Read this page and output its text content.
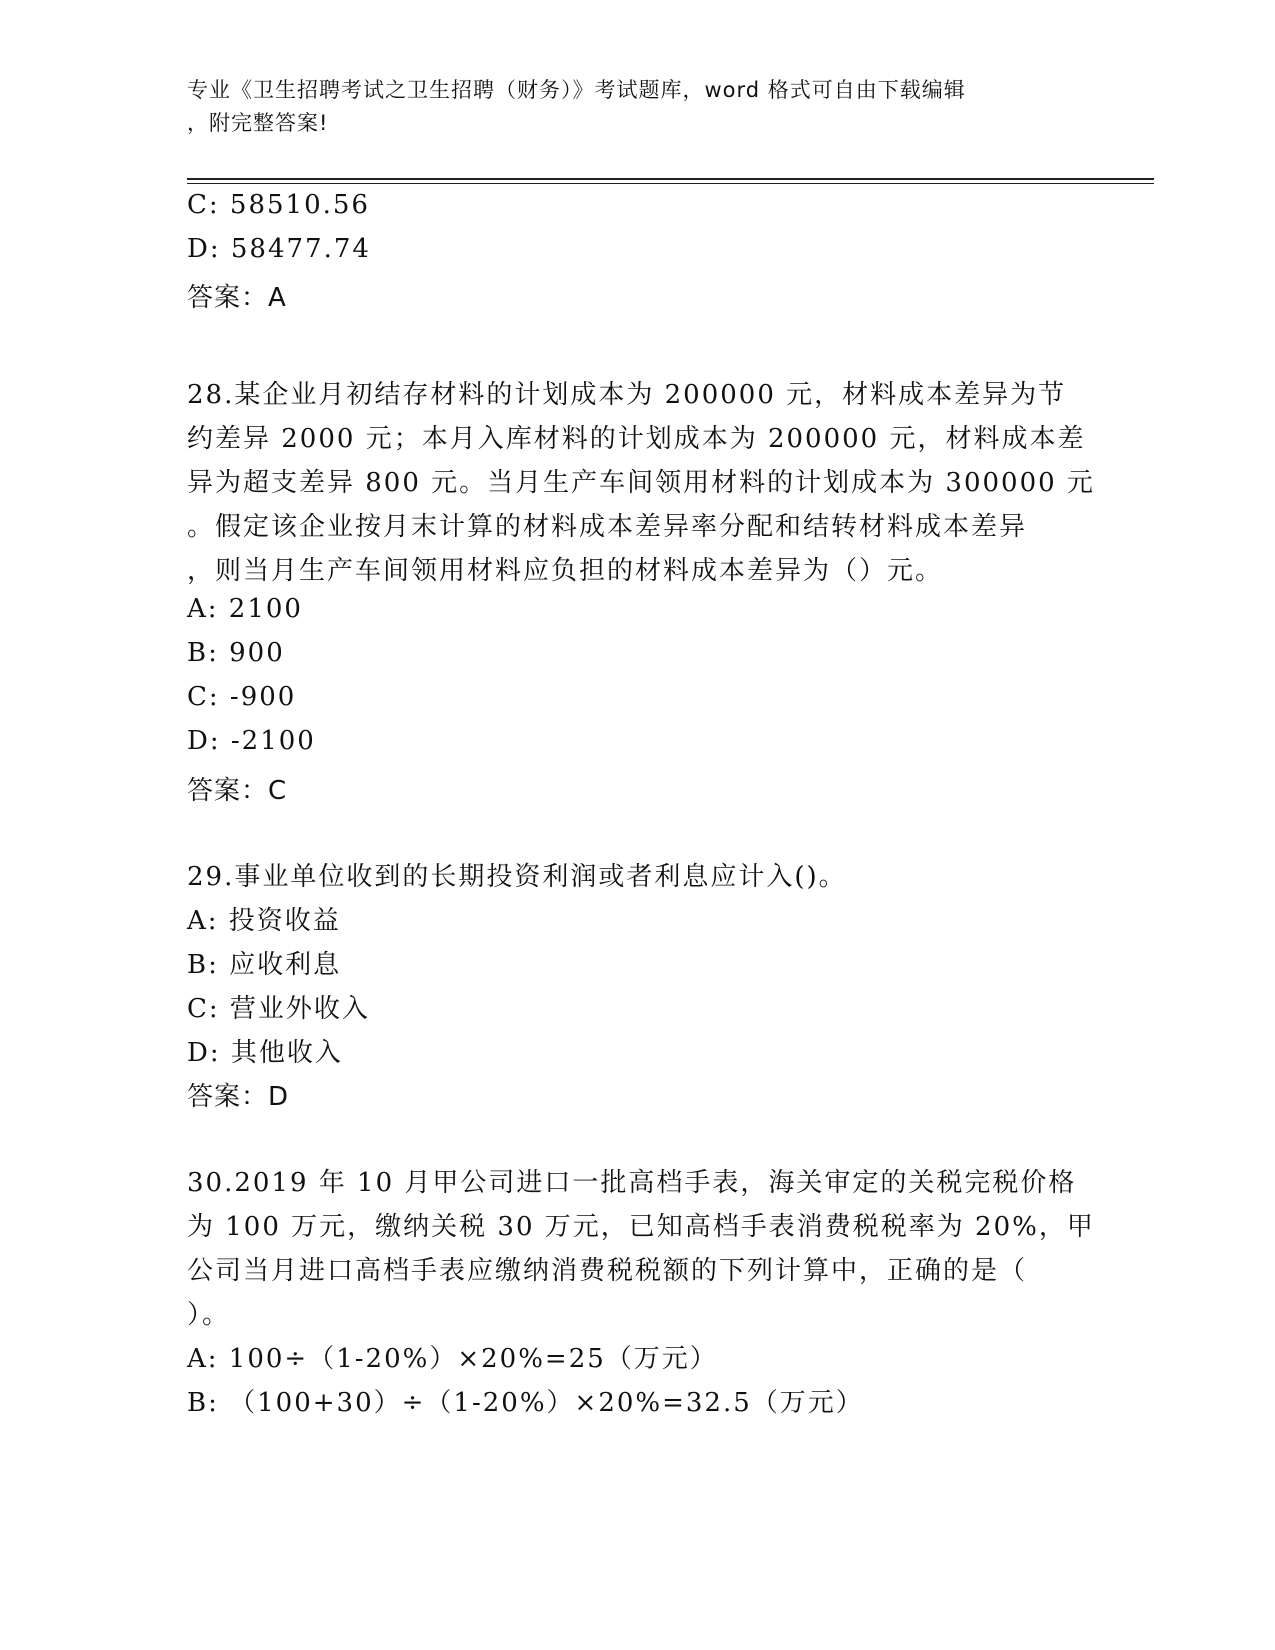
专业《卫生招聘考试之卫生招聘（财务）》考试题库，word 格式可自由下载编辑
，附完整答案!
C: 58510.56
D: 58477.74
答案：A
28.某企业月初结存材料的计划成本为 200000 元，材料成本差异为节
约差异 2000 元；本月入库材料的计划成本为 200000 元，材料成本差
异为超支差异 800 元。当月生产车间领用材料的计划成本为 300000 元
。假定该企业按月末计算的材料成本差异率分配和结转材料成本差异
，则当月生产车间领用材料应负担的材料成本差异为（）元。
A: 2100
B: 900
C: -900
D: -2100
答案：C
29.事业单位收到的长期投资利润或者利息应计入()。
A: 投资收益
B: 应收利息
C: 营业外收入
D: 其他收入
答案：D
30.2019 年 10 月甲公司进口一批高档手表，海关审定的关税完税价格
为 100 万元，缴纳关税 30 万元，已知高档手表消费税税率为 20%，甲
公司当月进口高档手表应缴纳消费税税额的下列计算中，正确的是（
）。
A: 100÷（1-20%）×20%=25（万元）
B: （100+30）÷（1-20%）×20%=32.5（万元）
